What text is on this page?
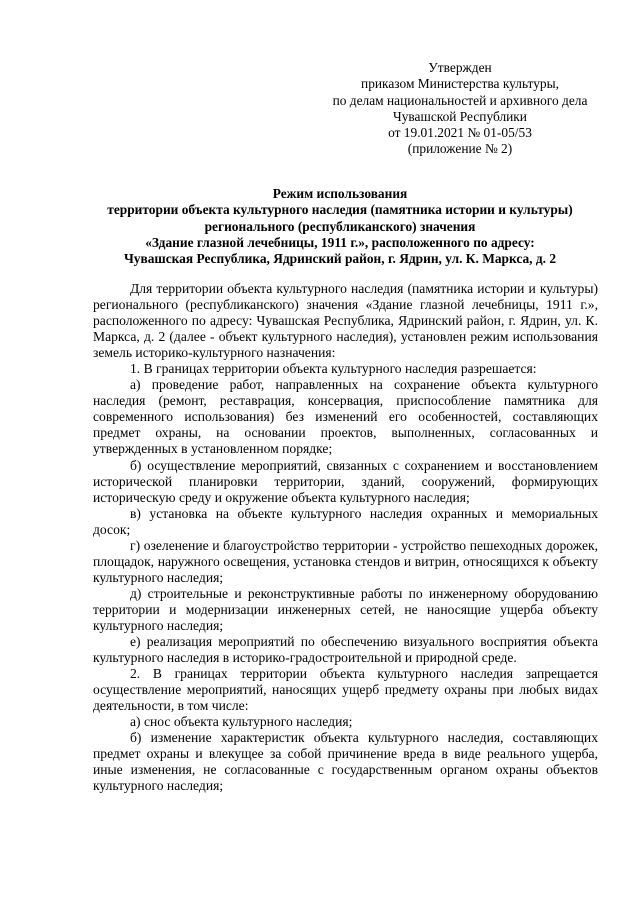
Утвержден
приказом Министерства культуры,
по делам национальностей и архивного дела
Чувашской Республики
от 19.01.2021 № 01-05/53
(приложение № 2)
Режим использования
территории объекта культурного наследия (памятника истории и культуры)
регионального (республиканского) значения
«Здание глазной лечебницы, 1911 г.», расположенного по адресу:
Чувашская Республика, Ядринский район, г. Ядрин, ул. К. Маркса, д. 2

Для территории объекта культурного наследия (памятника истории и культуры) регионального (республиканского) значения «Здание глазной лечебницы, 1911 г.», расположенного по адресу: Чувашская Республика, Ядринский район, г. Ядрин, ул. К. Маркса, д. 2 (далее - объект культурного наследия), установлен режим использования земель историко-культурного назначения:

1. В границах территории объекта культурного наследия разрешается:

а) проведение работ, направленных на сохранение объекта культурного наследия (ремонт, реставрация, консервация, приспособление памятника для современного использования) без изменений его особенностей, составляющих предмет охраны, на основании проектов, выполненных, согласованных и утвержденных в установленном порядке;

б) осуществление мероприятий, связанных с сохранением и восстановлением исторической планировки территории, зданий, сооружений, формирующих историческую среду и окружение объекта культурного наследия;

в) установка на объекте культурного наследия охранных и мемориальных досок;

г) озеленение и благоустройство территории - устройство пешеходных дорожек, площадок, наружного освещения, установка стендов и витрин, относящихся к объекту культурного наследия;

д) строительные и реконструктивные работы по инженерному оборудованию территории и модернизации инженерных сетей, не наносящие ущерба объекту культурного наследия;

е) реализация мероприятий по обеспечению визуального восприятия объекта культурного наследия в историко-градостроительной и природной среде.

2. В границах территории объекта культурного наследия запрещается осуществление мероприятий, наносящих ущерб предмету охраны при любых видах деятельности, в том числе:

а) снос объекта культурного наследия;

б) изменение характеристик объекта культурного наследия, составляющих предмет охраны и влекущее за собой причинение вреда в виде реального ущерба, иные изменения, не согласованные с государственным органом охраны объектов культурного наследия;
